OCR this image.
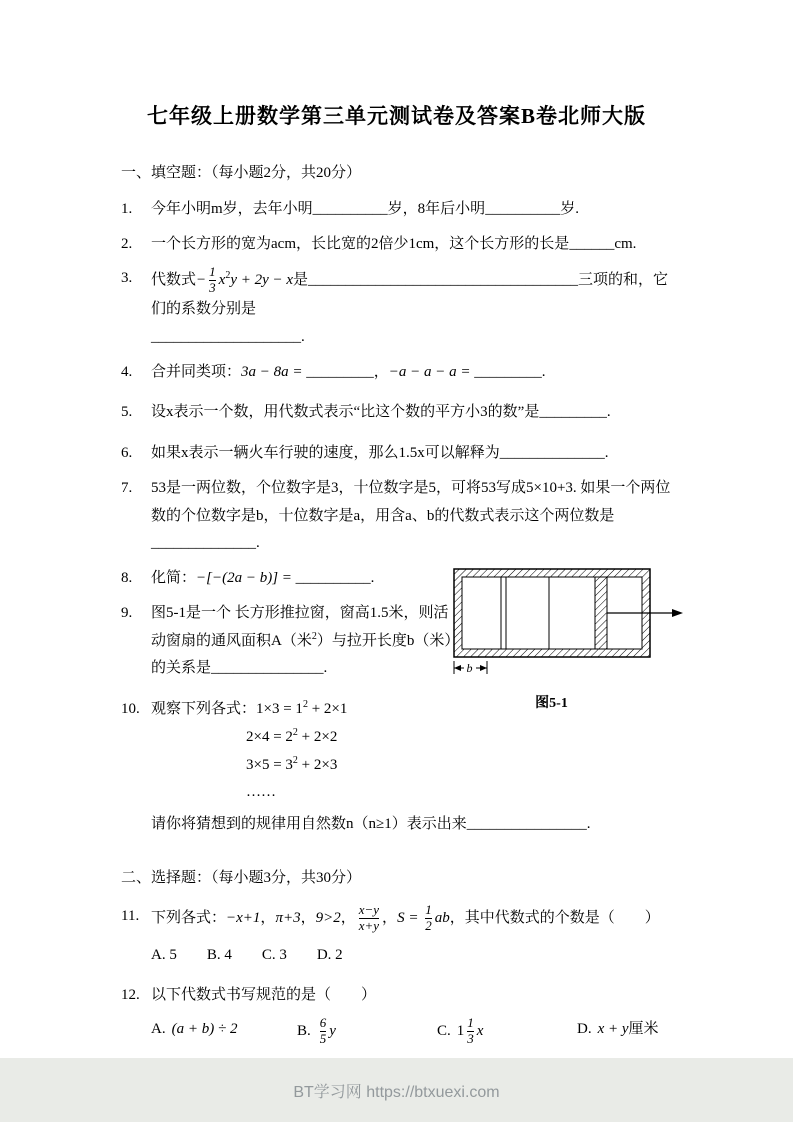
七年级上册数学第三单元测试卷及答案B卷北师大版
一、填空题：（每小题2分，共20分）
1.	今年小明m岁，去年小明__________岁，8年后小明__________岁.
2.	一个长方形的宽为acm，长比宽的2倍少1cm，这个长方形的长是______cm.
3.	代数式− $\frac{1}{3} x^2y + 2y - x$是____________________________________三项的和，它们的系数分别是
____________________.
4.	合并同类项：3a − 8a = _________，−a − a − a = _________.
5.	设x表示一个数，用代数式表示“比这个数的平方小3的数”是_________.
6.	如果x表示一辆火车行驶的速度，那么1.5x可以解释为______________.
7.	53是一两位数，个位数字是3，十位数字是5，可将53写成5×10+3. 如果一个两位数的个位数字是b，十位数字是a，用含a、b的代数式表示这个两位数是______________.
8.	化简：−[−(2a − b)] = __________.
9.	图5-1是一个 长方形推拉窗，窗高1.5米，则活动窗扇的通风面积A（米$^2$）与拉开长度b（米）的关系是_______________.	b
图5-1
10. 观察下列各式：$1\times 3 = 1^2 + 2\times 1$
$2\times 4 = 2^2 + 2\times 2$
$3\times 5 = 3^2 + 2\times 3$
……
请你将猜想到的规律用自然数n（n≥1）表示出来________________.
二、选择题：（每小题3分，共30分）
11. 下列各式：−x+1，π+3，9>2， $\frac{x-y}{x+y}$ ，$S = \frac{1}{2}$ ab，其中代数式的个数是（　　）
A. 5　　B. 4　　C. 3　　D. 2
12. 以下代数式书写规范的是（　　）
A. (a + b) ÷ 2	B. $\frac{6}{5}$ y	C. $1 \frac{1}{3}$ x	D. x + y厘米
BT学习网 https://btxuexi.com
